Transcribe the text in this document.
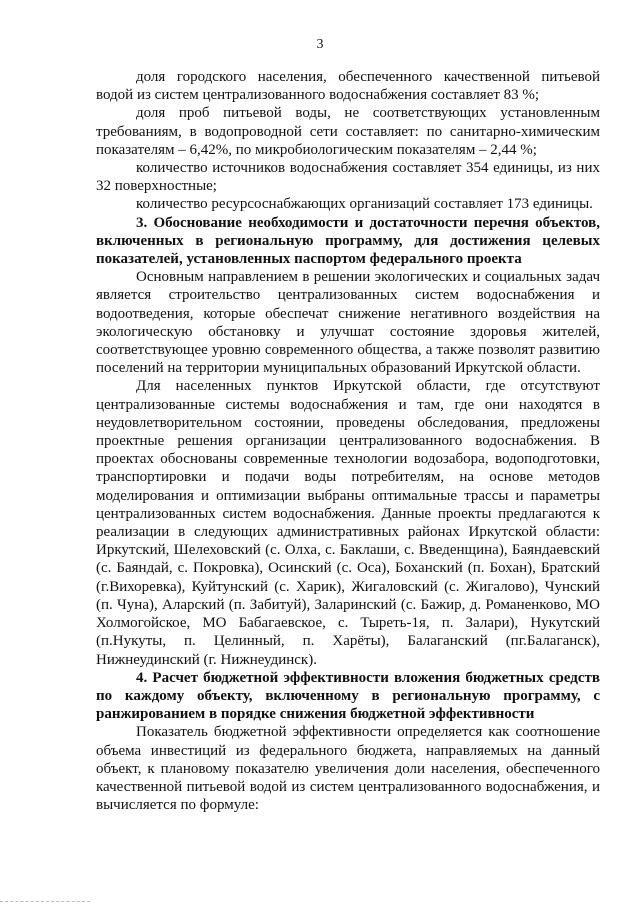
3

доля городского населения, обеспеченного качественной питьевой водой из систем централизованного водоснабжения составляет 83 %;

доля проб питьевой воды, не соответствующих установленным требованиям, в водопроводной сети составляет: по санитарно-химическим показателям – 6,42%, по микробиологическим показателям – 2,44 %;

количество источников водоснабжения составляет 354 единицы, из них 32 поверхностные;

количество ресурсоснабжающих организаций составляет 173 единицы.

3. Обоснование необходимости и достаточности перечня объектов, включенных в региональную программу, для достижения целевых показателей, установленных паспортом федерального проекта

Основным направлением в решении экологических и социальных задач является строительство централизованных систем водоснабжения и водоотведения, которые обеспечат снижение негативного воздействия на экологическую обстановку и улучшат состояние здоровья жителей, соответствующее уровню современного общества, а также позволят развитию поселений на территории муниципальных образований Иркутской области.

Для населенных пунктов Иркутской области, где отсутствуют централизованные системы водоснабжения и там, где они находятся в неудовлетворительном состоянии, проведены обследования, предложены проектные решения организации централизованного водоснабжения. В проектах обоснованы современные технологии водозабора, водоподготовки, транспортировки и подачи воды потребителям, на основе методов моделирования и оптимизации выбраны оптимальные трассы и параметры централизованных систем водоснабжения. Данные проекты предлагаются к реализации в следующих административных районах Иркутской области: Иркутский, Шелеховский (с. Олха, с. Баклаши, с. Введенщина), Баяндаевский (с. Баяндай, с. Покровка), Осинский (с. Оса), Боханский (п. Бохан), Братский (г.Вихоревка), Куйтунский (с. Харик), Жигаловский (с. Жигалово), Чунский (п. Чуна), Аларский (п. Забитуй), Заларинский (с. Бажир, д. Романенково, МО Холмогойское, МО Бабагаевское, с. Тыреть-1я, п. Залари), Нукутский (п.Нукуты, п. Целинный, п. Харёты), Балаганский (пг.Балаганск), Нижнеудинский (г. Нижнеудинск).

4. Расчет бюджетной эффективности вложения бюджетных средств по каждому объекту, включенному в региональную программу, с ранжированием в порядке снижения бюджетной эффективности

Показатель бюджетной эффективности определяется как соотношение объема инвестиций из федерального бюджета, направляемых на данный объект, к плановому показателю увеличения доли населения, обеспеченного качественной питьевой водой из систем централизованного водоснабжения, и вычисляется по формуле:
